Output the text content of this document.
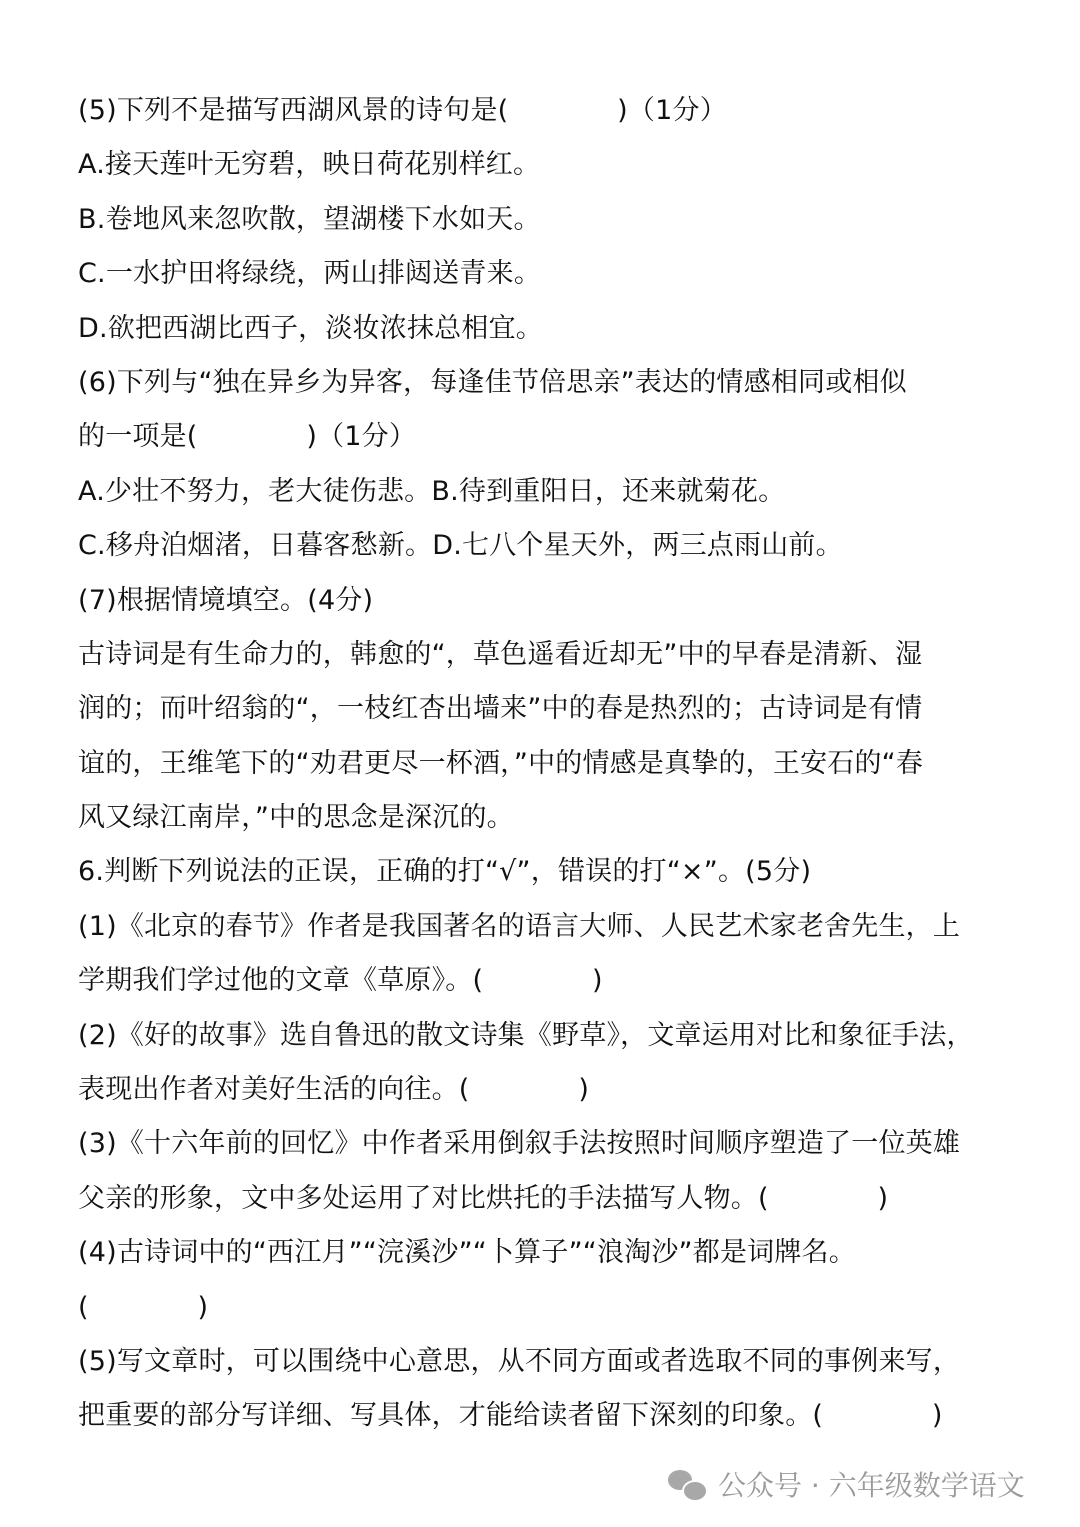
(5)下列不是描写西湖风景的诗句是(　　　　)（1分）
A.接天莲叶无穷碧，映日荷花别样红。
B.卷地风来忽吹散，望湖楼下水如天。
C.一水护田将绿绕，两山排闼送青来。
D.欲把西湖比西子，淡妆浓抹总相宜。
(6)下列与“独在异乡为异客，每逢佳节倍思亲”表达的情感相同或相似
的一项是(　　　　)（1分）
A.少壮不努力，老大徒伤悲。B.待到重阳日，还来就菊花。
C.移舟泊烟渚，日暮客愁新。D.七八个星天外，两三点雨山前。
(7)根据情境填空。(4分)
古诗词是有生命力的，韩愈的“，草色遥看近却无”中的早春是清新、湿
润的；而叶绍翁的“，一枝红杏出墙来”中的春是热烈的；古诗词是有情
谊的，王维笔下的“劝君更尽一杯酒，”中的情感是真挚的，王安石的“春
风又绿江南岸，”中的思念是深沉的。
6.判断下列说法的正误，正确的打“√”，错误的打“×”。(5分)
(1)《北京的春节》作者是我国著名的语言大师、人民艺术家老舍先生，上
学期我们学过他的文章《草原》。(　　　　)
(2)《好的故事》选自鲁迅的散文诗集《野草》，文章运用对比和象征手法，
表现出作者对美好生活的向往。(　　　　)
(3)《十六年前的回忆》中作者采用倒叙手法按照时间顺序塑造了一位英雄
父亲的形象，文中多处运用了对比烘托的手法描写人物。(　　　　)
(4)古诗词中的“西江月”“浣溪沙”“卜算子”“浪淘沙”都是词牌名。
(　　　　)
(5)写文章时，可以围绕中心意思，从不同方面或者选取不同的事例来写，
把重要的部分写详细、写具体，才能给读者留下深刻的印象。(　　　　)
公众号 · 六年级数学语文
